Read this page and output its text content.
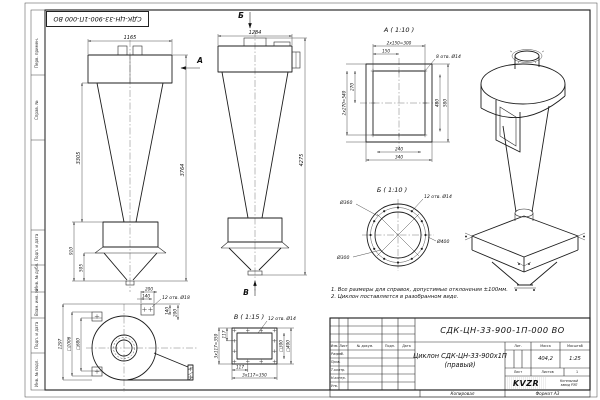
1165
3764
3305
910
505
А
Б
1284
4275
В
А ( 1:10 )
8 отв. Ø14
2x150=300
150
270
2x270=540	480 580
240
340
Б ( 1:10 )
Ø360
Ø300
Ø400
12 отв. Ø14
1297 □1006 □680
200
140	12 отв. Ø18
140 200	В ( 1:15 ) 12 отв. Ø14
117
3x117=350
117
3x117=350
□300 □400
СДК-ЦН-33-900-1П-000 ВО
Перв. примен.
Справ. №
Подп. и дата
Инв. № дубл.
Взам. инв. №
Подп. и дата
Инв. № подл.
1. Все размеры для справок, допустимые отклонения ±100мм.
2. Циклон поставляется в разобранном виде.
СДК-ЦН-33-900-1П-000 ВО
Циклон СДК-ЦН-33-900х1П
(правый)
Изм. Лист	№ докум.	Подп.	Дата
Разраб.
Пров.
Т.контр.
Н.контр.
Утв.
Лит.	Масса	Масштаб
404,2	1:25
Лист	Листов	1
KVZR	Котельный
завод РЭП
Копировал	Формат А3
